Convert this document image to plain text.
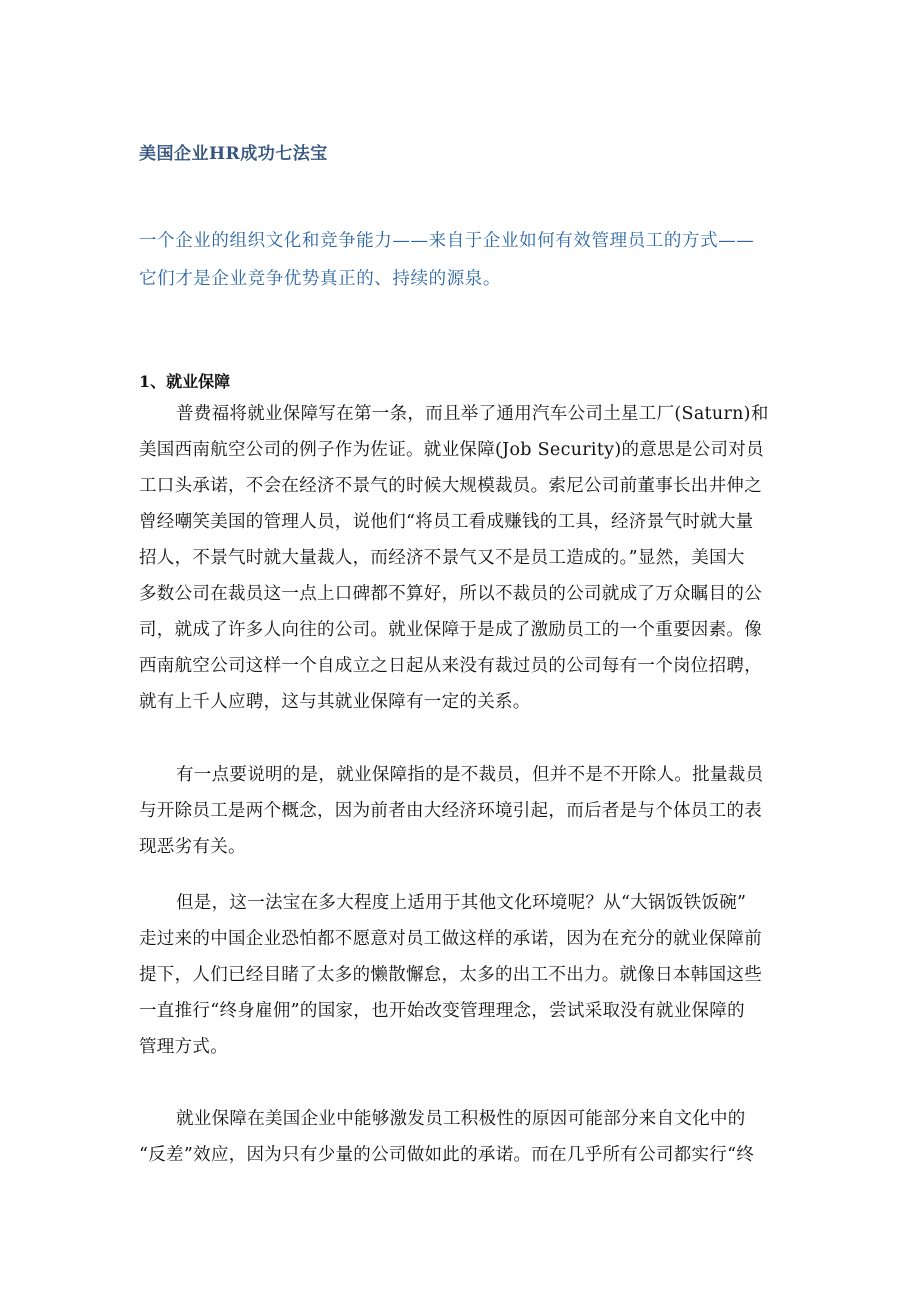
美国企业HR成功七法宝
一个企业的组织文化和竞争能力——来自于企业如何有效管理员工的方式——
它们才是企业竞争优势真正的、持续的源泉。
1、就业保障
普费福将就业保障写在第一条，而且举了通用汽车公司土星工厂(Saturn)和
美国西南航空公司的例子作为佐证。就业保障(Job Security)的意思是公司对员
工口头承诺，不会在经济不景气的时候大规模裁员。索尼公司前董事长出井伸之
曾经嘲笑美国的管理人员，说他们“将员工看成赚钱的工具，经济景气时就大量
招人，不景气时就大量裁人，而经济不景气又不是员工造成的。”显然，美国大
多数公司在裁员这一点上口碑都不算好，所以不裁员的公司就成了万众瞩目的公
司，就成了许多人向往的公司。就业保障于是成了激励员工的一个重要因素。像
西南航空公司这样一个自成立之日起从来没有裁过员的公司每有一个岗位招聘，
就有上千人应聘，这与其就业保障有一定的关系。
有一点要说明的是，就业保障指的是不裁员，但并不是不开除人。批量裁员
与开除员工是两个概念，因为前者由大经济环境引起，而后者是与个体员工的表
现恶劣有关。
但是，这一法宝在多大程度上适用于其他文化环境呢？从“大锅饭铁饭碗”
走过来的中国企业恐怕都不愿意对员工做这样的承诺，因为在充分的就业保障前
提下，人们已经目睹了太多的懒散懈怠，太多的出工不出力。就像日本韩国这些
一直推行“终身雇佣”的国家，也开始改变管理理念，尝试采取没有就业保障的
管理方式。
就业保障在美国企业中能够激发员工积极性的原因可能部分来自文化中的
“反差”效应，因为只有少量的公司做如此的承诺。而在几乎所有公司都实行“终
